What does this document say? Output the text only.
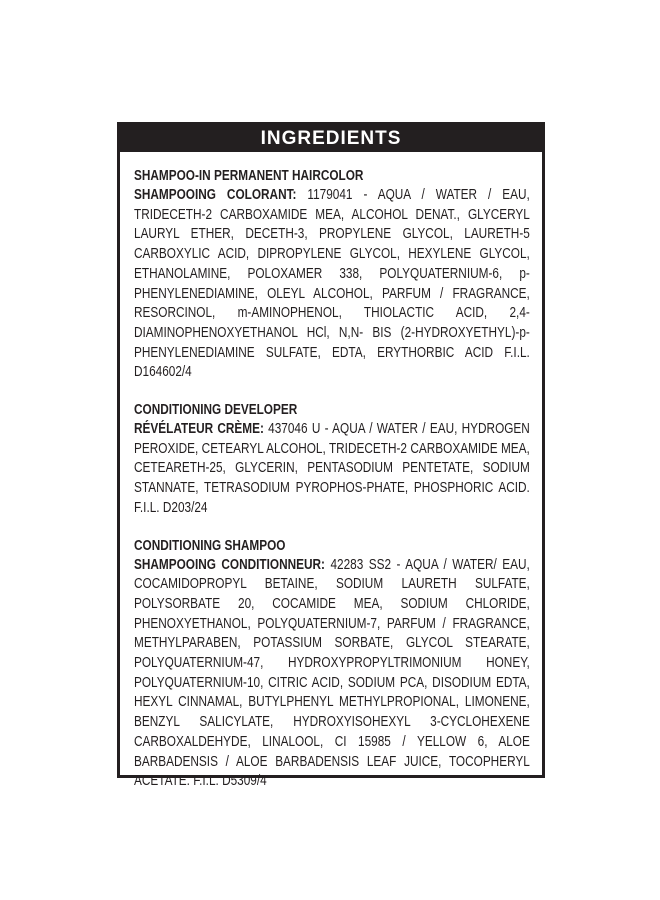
INGREDIENTS
SHAMPOO-IN PERMANENT HAIRCOLOR
SHAMPOOING COLORANT: 1179041 - AQUA / WATER / EAU, TRIDECETH-2 CARBOXAMIDE MEA, ALCOHOL DENAT., GLYCERYL LAURYL ETHER, DECETH-3, PROPYLENE GLYCOL, LAURETH-5 CARBOXYLIC ACID, DIPROPYLENE GLYCOL, HEXYLENE GLYCOL, ETHANOLAMINE, POLOXAMER 338, POLYQUATERNIUM-6, p-PHENYLENEDIAMINE, OLEYL ALCOHOL, PARFUM / FRAGRANCE, RESORCINOL, m-AMINOPHENOL, THIOLACTIC ACID, 2,4-DIAMINOPHENOXYETHANOL HCl, N,N- BIS (2-HYDROXYETHYL)-p-PHENYLENEDIAMINE SULFATE, EDTA, ERYTHORBIC ACID F.I.L. D164602/4
CONDITIONING DEVELOPER
RÉVÉLATEUR CRÈME: 437046 U - AQUA / WATER / EAU, HYDROGEN PEROXIDE, CETEARYL ALCOHOL, TRIDECETH-2 CARBOXAMIDE MEA, CETEARETH-25, GLYCERIN, PENTASODIUM PENTETATE, SODIUM STANNATE, TETRASODIUM PYROPHOS-PHATE, PHOSPHORIC ACID. F.I.L. D203/24
CONDITIONING SHAMPOO
SHAMPOOING CONDITIONNEUR: 42283 SS2 - AQUA / WATER/ EAU, COCAMIDOPROPYL BETAINE, SODIUM LAURETH SULFATE, POLYSORBATE 20, COCAMIDE MEA, SODIUM CHLORIDE, PHENOXYETHANOL, POLYQUATERNIUM-7, PARFUM / FRAGRANCE, METHYLPARABEN, POTASSIUM SORBATE, GLYCOL STEARATE, POLYQUATERNIUM-47, HYDROXYPROPYLTRIMONIUM HONEY, POLYQUATERNIUM-10, CITRIC ACID, SODIUM PCA, DISODIUM EDTA, HEXYL CINNAMAL, BUTYLPHENYL METHYLPROPIONAL, LIMONENE, BENZYL SALICYLATE, HYDROXYISOHEXYL 3-CYCLOHEXENE CARBOXALDEHYDE, LINALOOL, CI 15985 / YELLOW 6, ALOE BARBADENSIS / ALOE BARBADENSIS LEAF JUICE, TOCOPHERYL ACETATE. F.I.L. D5309/4
